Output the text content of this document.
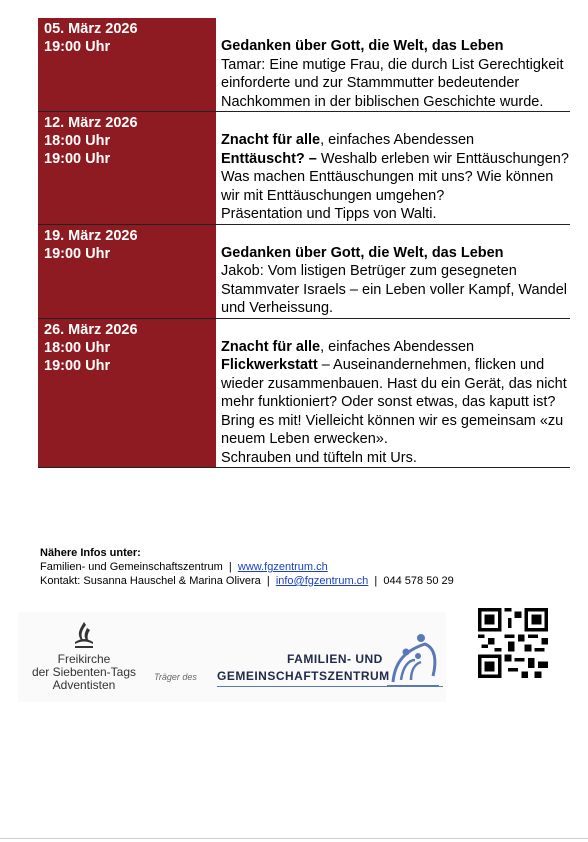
05. März 2026
19:00 Uhr	Gedanken über Gott, die Welt, das Leben
Tamar: Eine mutige Frau, die durch List Gerechtigkeit einforderte und zur Stammmutter bedeutender Nachkommen in der biblischen Geschichte wurde.
12. März 2026
18:00 Uhr
19:00 Uhr
Znacht für alle, einfaches Abendessen
Enttäuscht? – Weshalb erleben wir Enttäuschungen? Was machen Enttäuschungen mit uns? Wie können wir mit Enttäuschungen umgehen?
Präsentation und Tipps von Walti.
19. März 2026
19:00 Uhr	Gedanken über Gott, die Welt, das Leben
Jakob: Vom listigen Betrüger zum gesegneten Stammvater Israels – ein Leben voller Kampf, Wandel und Verheissung.
26. März 2026
18:00 Uhr
19:00 Uhr
Znacht für alle, einfaches Abendessen
Flickwerkstatt – Auseinandernehmen, flicken und wieder zusammenbauen. Hast du ein Gerät, das nicht mehr funktioniert? Oder sonst etwas, das kaputt ist? Bring es mit! Vielleicht können wir es gemeinsam «zu neuem Leben erwecken».
Schrauben und tüfteln mit Urs.
Nähere Infos unter:
Familien- und Gemeinschaftszentrum  |  www.fgzentrum.ch
Kontakt: Susanna Hauschel & Marina Olivera  |  info@fgzentrum.ch  |  044 578 50 29
Freikirche
der Siebenten-Tags
Adventisten
Träger des
FAMILIEN- UND
GEMEINSCHAFTSZENTRUM
